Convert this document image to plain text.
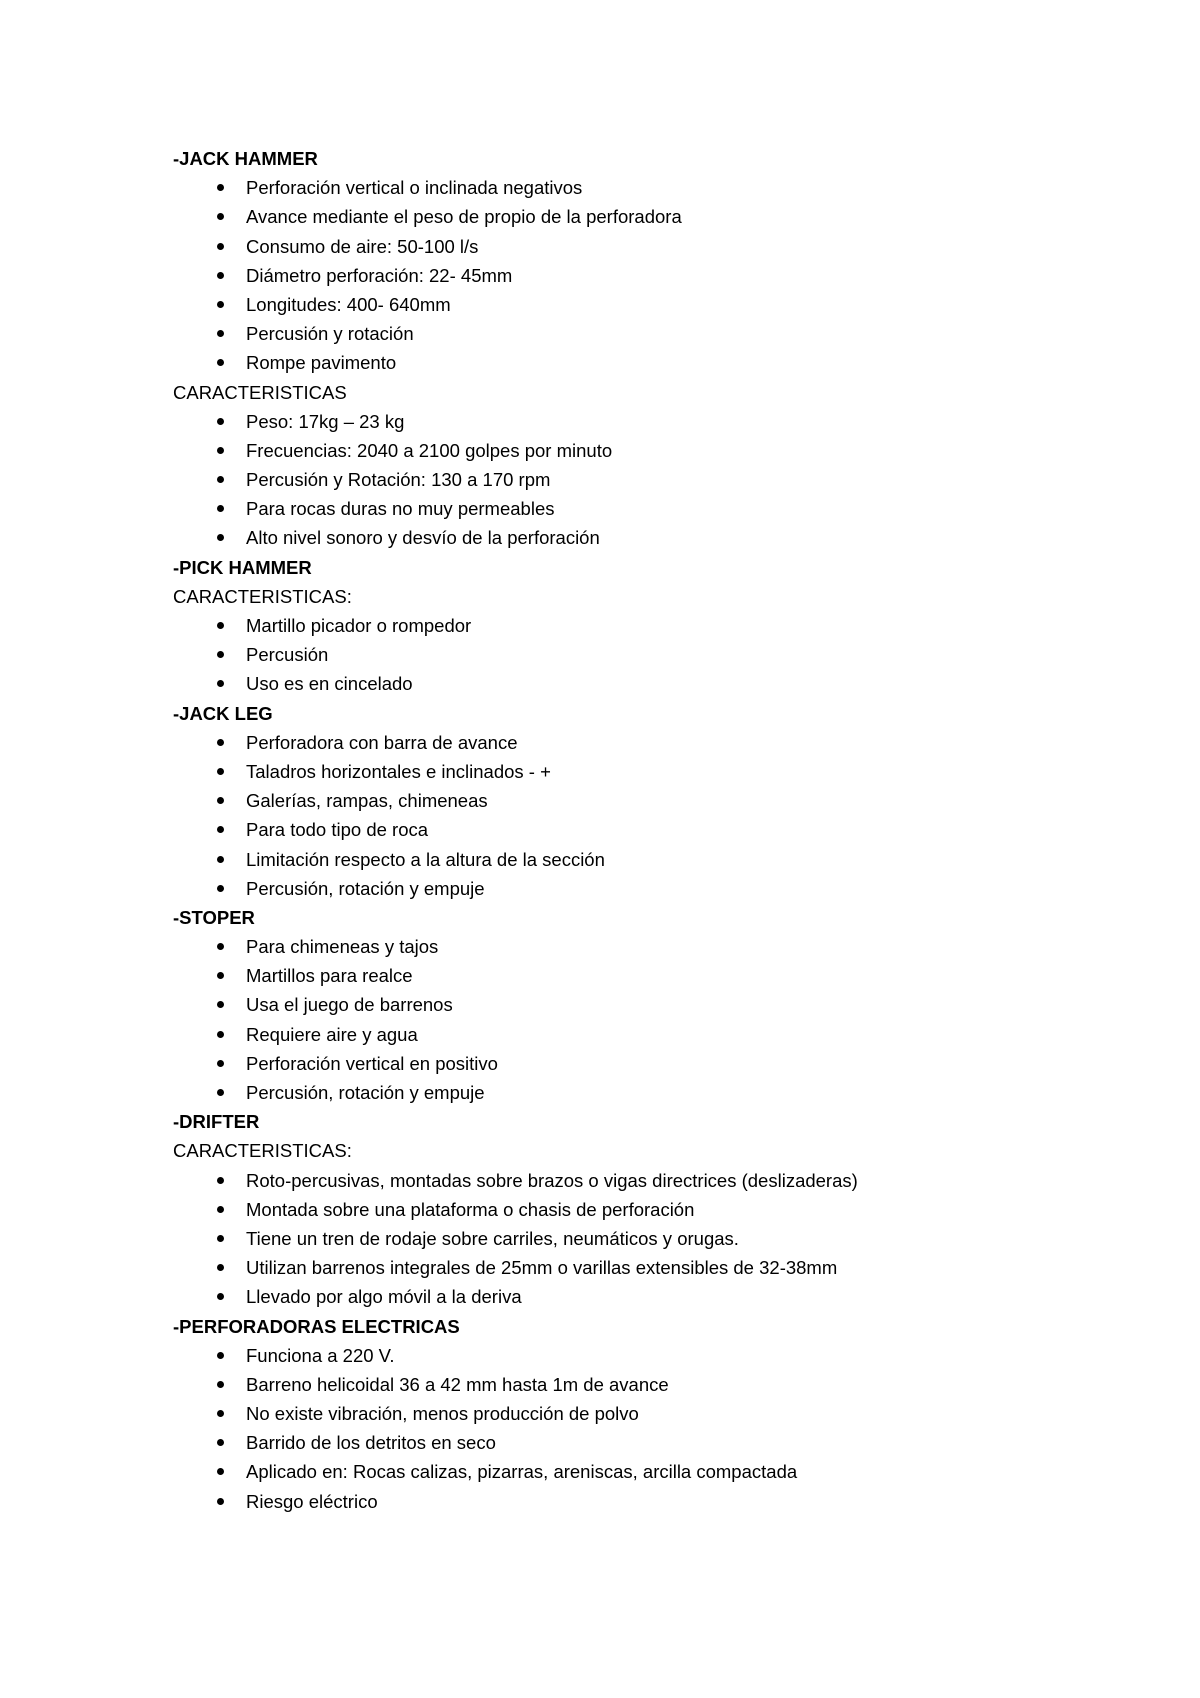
-JACK HAMMER
Perforación vertical o inclinada negativos
Avance mediante el peso de propio de la perforadora
Consumo de aire: 50-100 l/s
Diámetro perforación: 22- 45mm
Longitudes: 400- 640mm
Percusión y rotación
Rompe pavimento
CARACTERISTICAS
Peso: 17kg – 23 kg
Frecuencias: 2040 a 2100 golpes por minuto
Percusión y Rotación: 130 a 170 rpm
Para rocas duras no muy permeables
Alto nivel sonoro y desvío de la perforación
-PICK HAMMER
CARACTERISTICAS:
Martillo picador o rompedor
Percusión
Uso es en cincelado
-JACK LEG
Perforadora con barra de avance
Taladros horizontales e inclinados - +
Galerías, rampas, chimeneas
Para todo tipo de roca
Limitación respecto a la altura de la sección
Percusión, rotación y empuje
-STOPER
Para chimeneas y tajos
Martillos para realce
Usa el juego de barrenos
Requiere aire y agua
Perforación vertical en positivo
Percusión, rotación y empuje
-DRIFTER
CARACTERISTICAS:
Roto-percusivas, montadas sobre brazos o vigas directrices (deslizaderas)
Montada sobre una plataforma o chasis de perforación
Tiene un tren de rodaje sobre carriles, neumáticos y orugas.
Utilizan barrenos integrales de 25mm o varillas extensibles de 32-38mm
Llevado por algo móvil a la deriva
-PERFORADORAS ELECTRICAS
Funciona a 220 V.
Barreno helicoidal 36 a 42 mm hasta 1m de avance
No existe vibración, menos producción de polvo
Barrido de los detritos en seco
Aplicado en: Rocas calizas, pizarras, areniscas, arcilla compactada
Riesgo eléctrico
